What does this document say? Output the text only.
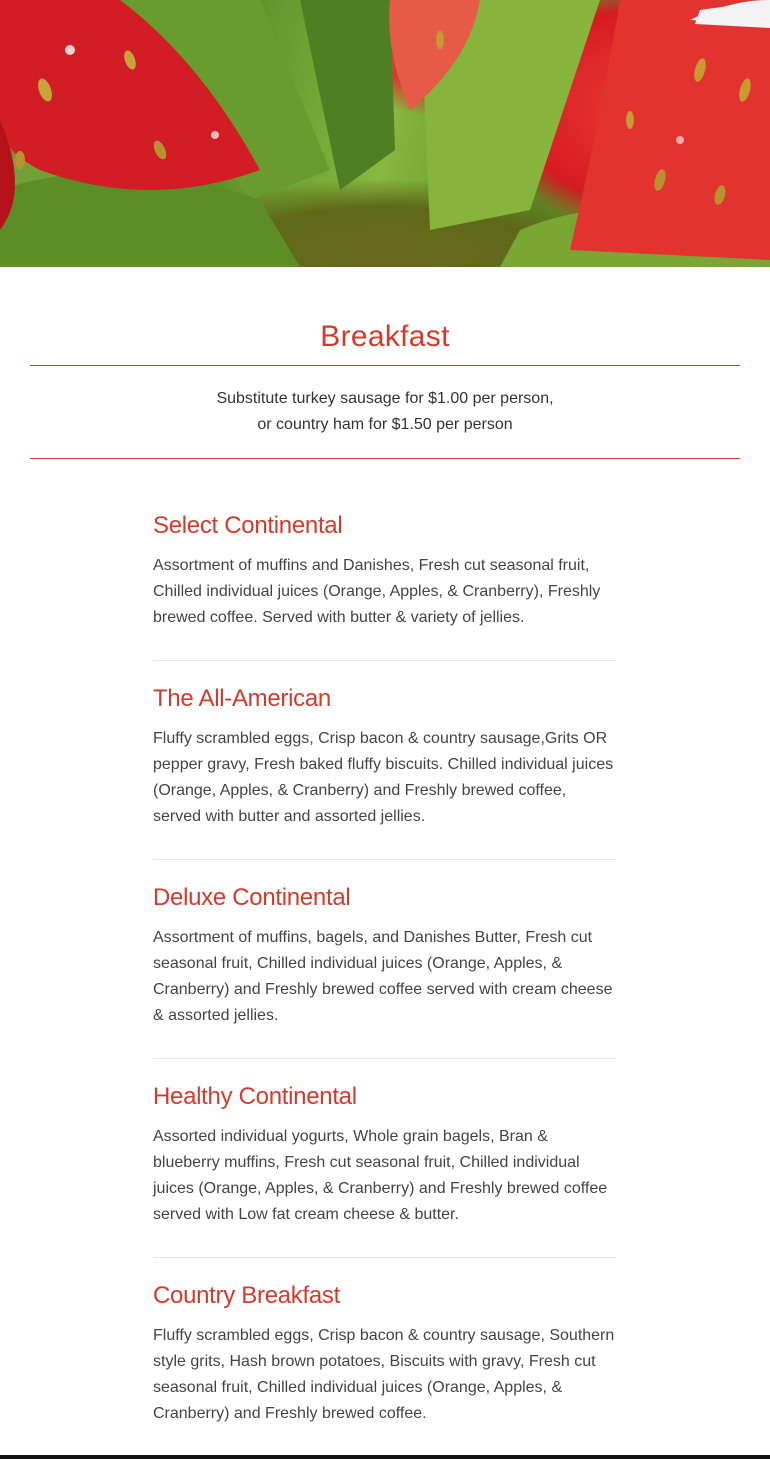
Breakfast
Substitute turkey sausage for $1.00 per person,
or country ham for $1.50 per person
Select Continental

Assortment of muffins and Danishes, Fresh cut seasonal fruit, Chilled individual juices (Orange, Apples, & Cranberry), Freshly brewed coffee. Served with butter & variety of jellies.

The All-American

Fluffy scrambled eggs, Crisp bacon & country sausage,Grits OR pepper gravy, Fresh baked fluffy biscuits. Chilled individual juices (Orange, Apples, & Cranberry) and Freshly brewed coffee, served with butter and assorted jellies.

Deluxe Continental

Assortment of muffins, bagels, and Danishes Butter, Fresh cut seasonal fruit, Chilled individual juices (Orange, Apples, & Cranberry) and Freshly brewed coffee served with cream cheese & assorted jellies.

Healthy Continental

Assorted individual yogurts, Whole grain bagels, Bran & blueberry muffins, Fresh cut seasonal fruit, Chilled individual juices (Orange, Apples, & Cranberry) and Freshly brewed coffee served with Low fat cream cheese & butter.

Country Breakfast

Fluffy scrambled eggs, Crisp bacon & country sausage, Southern style grits, Hash brown potatoes, Biscuits with gravy, Fresh cut seasonal fruit, Chilled individual juices (Orange, Apples, & Cranberry) and Freshly brewed coffee.
